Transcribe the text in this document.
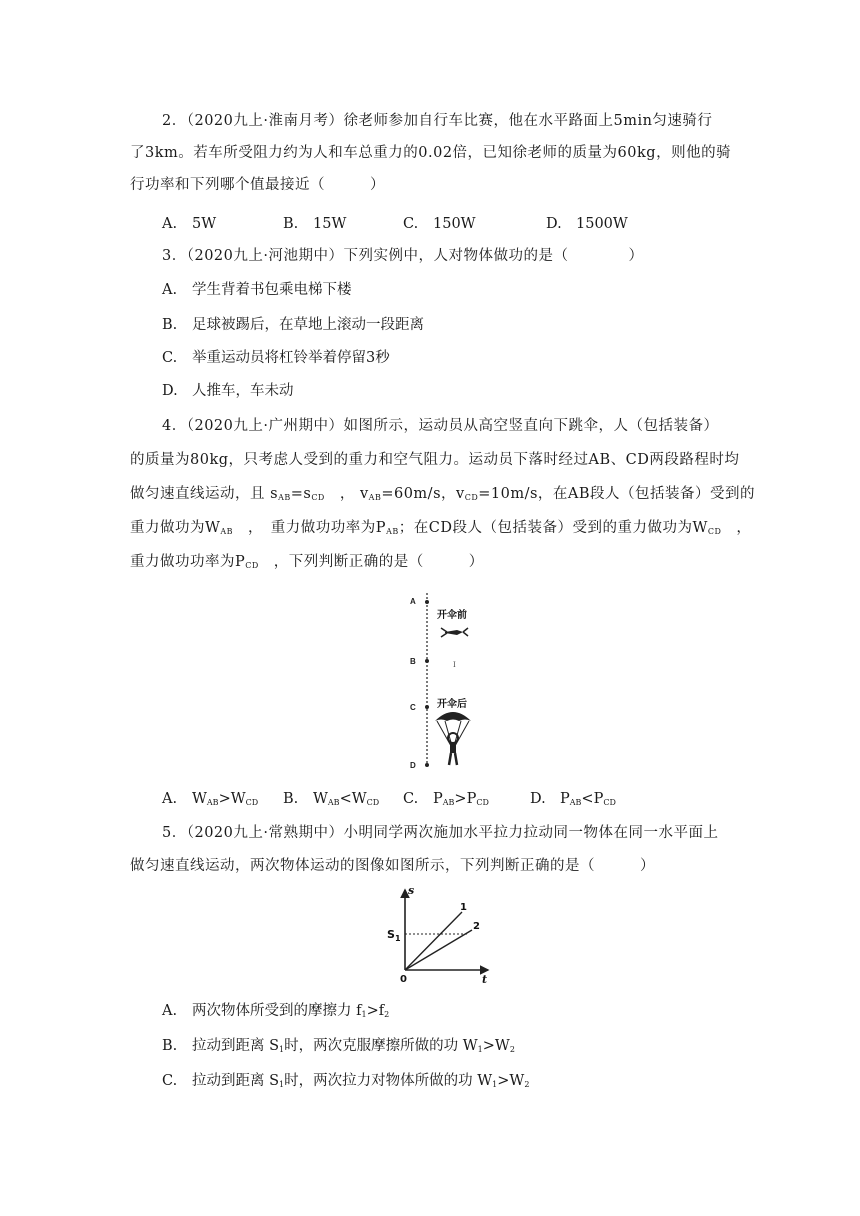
2．（2020九上·淮南月考）徐老师参加自行车比赛，他在水平路面上5min匀速骑行
了3km。若车所受阻力约为人和车总重力的0.02倍，已知徐老师的质量为60kg，则他的骑
行功率和下列哪个值最接近（　　　）
A. 5W	B. 15W	C. 150W	D. 1500W
3．（2020九上·河池期中）下列实例中，人对物体做功的是（　　　　）
A. 学生背着书包乘电梯下楼
B. 足球被踢后，在草地上滚动一段距离
C. 举重运动员将杠铃举着停留3秒
D. 人推车，车未动
4．（2020九上·广州期中）如图所示，运动员从高空竖直向下跳伞，人（包括装备）
的质量为80kg，只考虑人受到的重力和空气阻力。运动员下落时经过AB、CD两段路程时均
做匀速直线运动，且 $s_{AB}=s_{CD}$　， $v_{AB}=60m/s$，$v_{CD}=10m/s$，在AB段人（包括装备）受到的
重力做功为$W_{AB}$　，　重力做功功率为$P_{AB}$；在CD段人（包括装备）受到的重力做功为$W_{CD}$　，
重力做功功率为$P_{CD}$　，下列判断正确的是（　　　）
A
B
C
D
开伞前
I
开伞后
A. $W_{AB}>W_{CD}$ B. $W_{AB}<W_{CD}$ C. $P_{AB}>P_{CD}$	D. $P_{AB}<P_{CD}$
5．（2020九上·常熟期中）小明同学两次施加水平拉力拉动同一物体在同一水平面上
做匀速直线运动，两次物体运动的图像如图所示，下列判断正确的是（　　　）
s
t
0
1
2
$S_1$
A. 两次物体所受到的摩擦力 $f_1>f_2$
B. 拉动到距离 $S_1$时，两次克服摩擦所做的功 $W_1>W_2$
C. 拉动到距离 $S_1$时，两次拉力对物体所做的功 $W_1>W_2$
